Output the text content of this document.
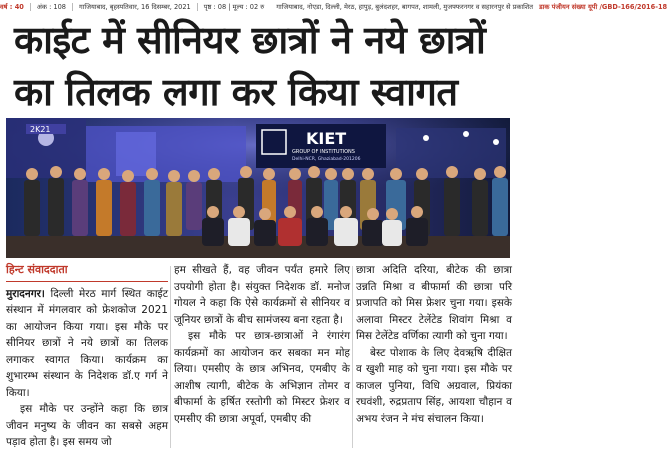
वर्ष : 40 अंक : 108 गाजियाबाद, बृहस्पतिवार, 16 दिसम्बर, 2021 पृष्ठ : 08 | मूल्य : 02 रु	गाजियाबाद, नोएडा, दिल्ली, मेरठ, हापुड़, बुलंदशहर, बागपत, शामली, मुजफ्फरनगर व सहारनपुर से प्रकाशित डाक पंजीयन संख्या यूपी /GBD-166/2016-18
काईट में सीनियर छात्रों ने नये छात्रों
का तिलक लगा कर किया स्वागत
2K21	KIET
GROUP OF INSTITUTIONS
Delhi-NCR, Ghaziabad-201206

हिन्ट संवाददाता

मुरादनगर। दिल्ली मेरठ मार्ग स्थित काईट संस्थान में मंगलवार को फ्रेशकोज 2021 का आयोजन किया गया। इस मौके पर सीनियर छात्रों ने नये छात्रों का तिलक लगाकर स्वागत किया। कार्यक्रम का शुभारम्भ संस्थान के निदेशक डॉ.ए गर्ग ने किया।

इस मौके पर उन्होंने कहा कि छात्र जीवन मनुष्य के जीवन का सबसे अहम पड़ाव होता है। इस समय जो

हम सीखते हैं, वह जीवन पर्यंत हमारे लिए उपयोगी होता है। संयुक्त निदेशक डॉ. मनोज गोयल ने कहा कि ऐसे कार्यक्रमों से सीनियर व जूनियर छात्रों के बीच सामंजस्य बना रहता है।

इस मौके पर छात्र-छात्राओं ने रंगारंग कार्यक्रमों का आयोजन कर सबका मन मोह लिया। एमसीए के छात्र अभिनव, एमबीए के आशीष त्यागी, बीटेक के अभिज्ञान तोमर व बीफार्मा के हर्षित रस्तोगी को मिस्टर फ्रेशर व एमसीए की छात्रा अपूर्वा, एमबीए की

छात्रा अदिति दरिया, बीटेक की छात्रा उन्नति मिश्रा व बीफार्मा की छात्रा परि प्रजापति को मिस फ्रेशर चुना गया। इसके अलावा मिस्टर टेलेंटेड शिवांग मिश्रा व मिस टेलेंटेड वर्णिका त्यागी को चुना गया।

बेस्ट पोशाक के लिए देवऋषि दीक्षित व खुशी माह को चुना गया। इस मौके पर काजल पुनिया, विधि अग्रवाल, प्रियंका रघवंशी, रुद्रप्रताप सिंह, आयशा चौहान व अभय रंजन ने मंच संचालन किया।
